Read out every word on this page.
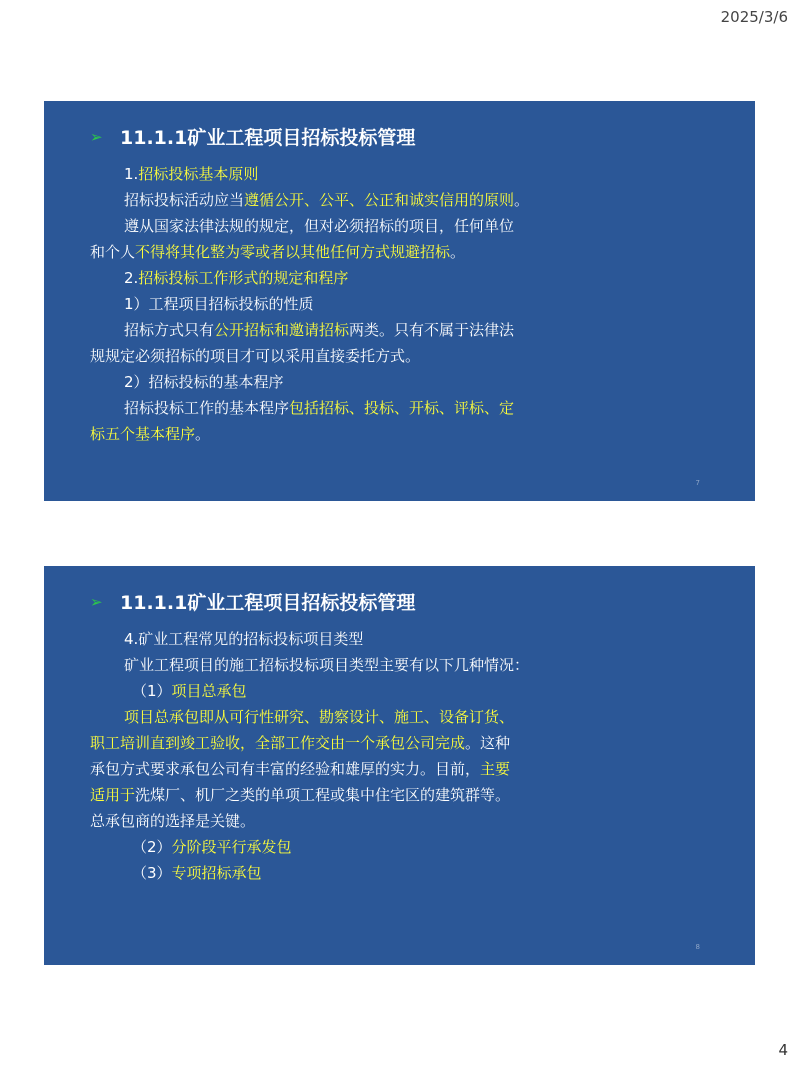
2025/3/6
➢ 11.1.1矿业工程项目招标投标管理
1.招标投标基本原则
招标投标活动应当遵循公开、公平、公正和诚实信用的原则。
遵从国家法律法规的规定，但对必须招标的项目，任何单位
和个人不得将其化整为零或者以其他任何方式规避招标。
2.招标投标工作形式的规定和程序
1）工程项目招标投标的性质
招标方式只有公开招标和邀请招标两类。只有不属于法律法
规规定必须招标的项目才可以采用直接委托方式。
2）招标投标的基本程序
招标投标工作的基本程序包括招标、投标、开标、评标、定
标五个基本程序。
7
➢ 11.1.1矿业工程项目招标投标管理
4.矿业工程常见的招标投标项目类型
矿业工程项目的施工招标投标项目类型主要有以下几种情况：
（1）项目总承包
项目总承包即从可行性研究、勘察设计、施工、设备订货、
职工培训直到竣工验收，全部工作交由一个承包公司完成。这种
承包方式要求承包公司有丰富的经验和雄厚的实力。目前，主要
适用于洗煤厂、机厂之类的单项工程或集中住宅区的建筑群等。
总承包商的选择是关键。
（2）分阶段平行承发包
（3）专项招标承包
8
4
